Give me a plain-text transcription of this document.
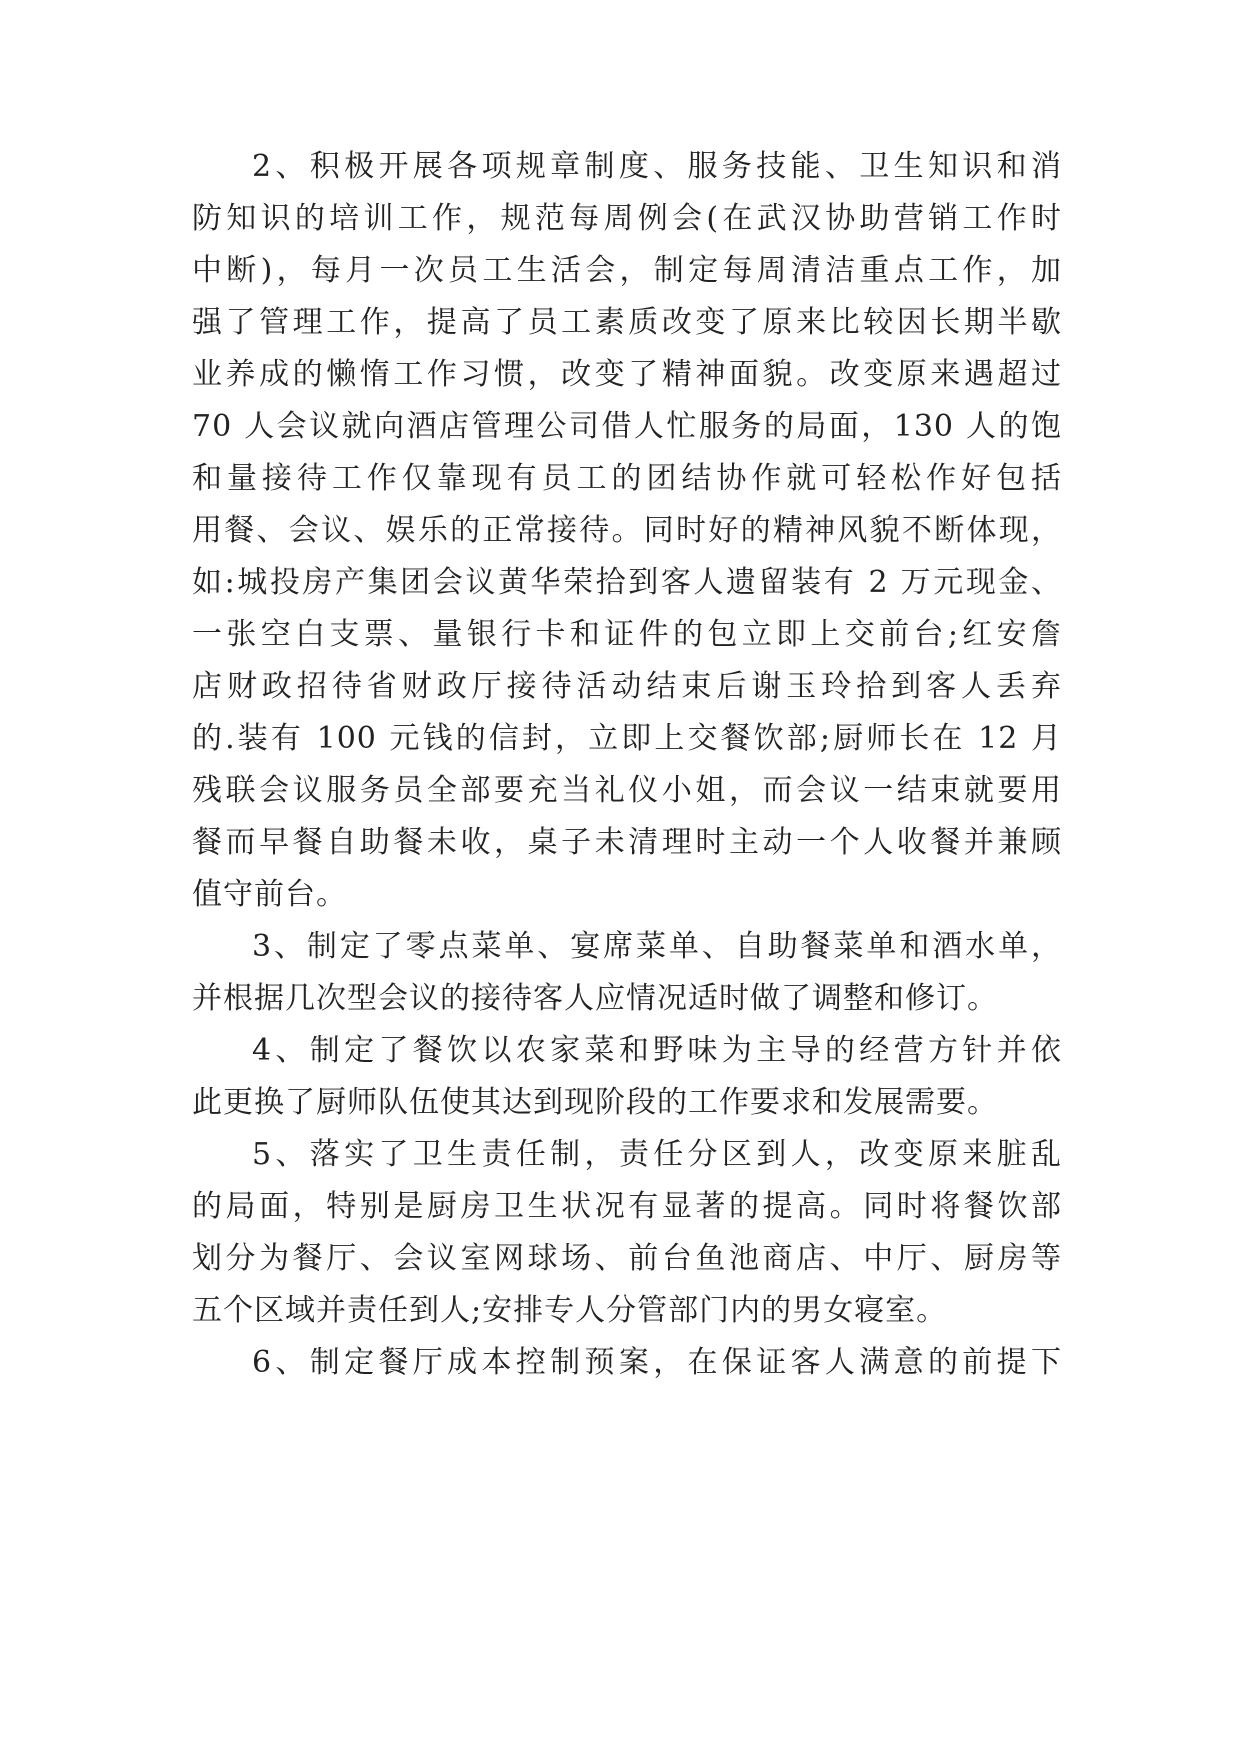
2、积极开展各项规章制度、服务技能、卫生知识和消
防知识的培训工作，规范每周例会(在武汉协助营销工作时
中断)，每月一次员工生活会，制定每周清洁重点工作，加
强了管理工作，提高了员工素质改变了原来比较因长期半歇
业养成的懒惰工作习惯，改变了精神面貌。改变原来遇超过
70 人会议就向酒店管理公司借人忙服务的局面，130 人的饱
和量接待工作仅靠现有员工的团结协作就可轻松作好包括
用餐、会议、娱乐的正常接待。同时好的精神风貌不断体现，
如:城投房产集团会议黄华荣拾到客人遗留装有 2 万元现金、
一张空白支票、量银行卡和证件的包立即上交前台;红安詹
店财政招待省财政厅接待活动结束后谢玉玲拾到客人丢弃
的.装有 100 元钱的信封，立即上交餐饮部;厨师长在 12 月
残联会议服务员全部要充当礼仪小姐，而会议一结束就要用
餐而早餐自助餐未收，桌子未清理时主动一个人收餐并兼顾
值守前台。
3、制定了零点菜单、宴席菜单、自助餐菜单和酒水单，
并根据几次型会议的接待客人应情况适时做了调整和修订。
4、制定了餐饮以农家菜和野味为主导的经营方针并依
此更换了厨师队伍使其达到现阶段的工作要求和发展需要。
5、落实了卫生责任制，责任分区到人，改变原来脏乱
的局面，特别是厨房卫生状况有显著的提高。同时将餐饮部
划分为餐厅、会议室网球场、前台鱼池商店、中厅、厨房等
五个区域并责任到人;安排专人分管部门内的男女寝室。
6、制定餐厅成本控制预案，在保证客人满意的前提下
